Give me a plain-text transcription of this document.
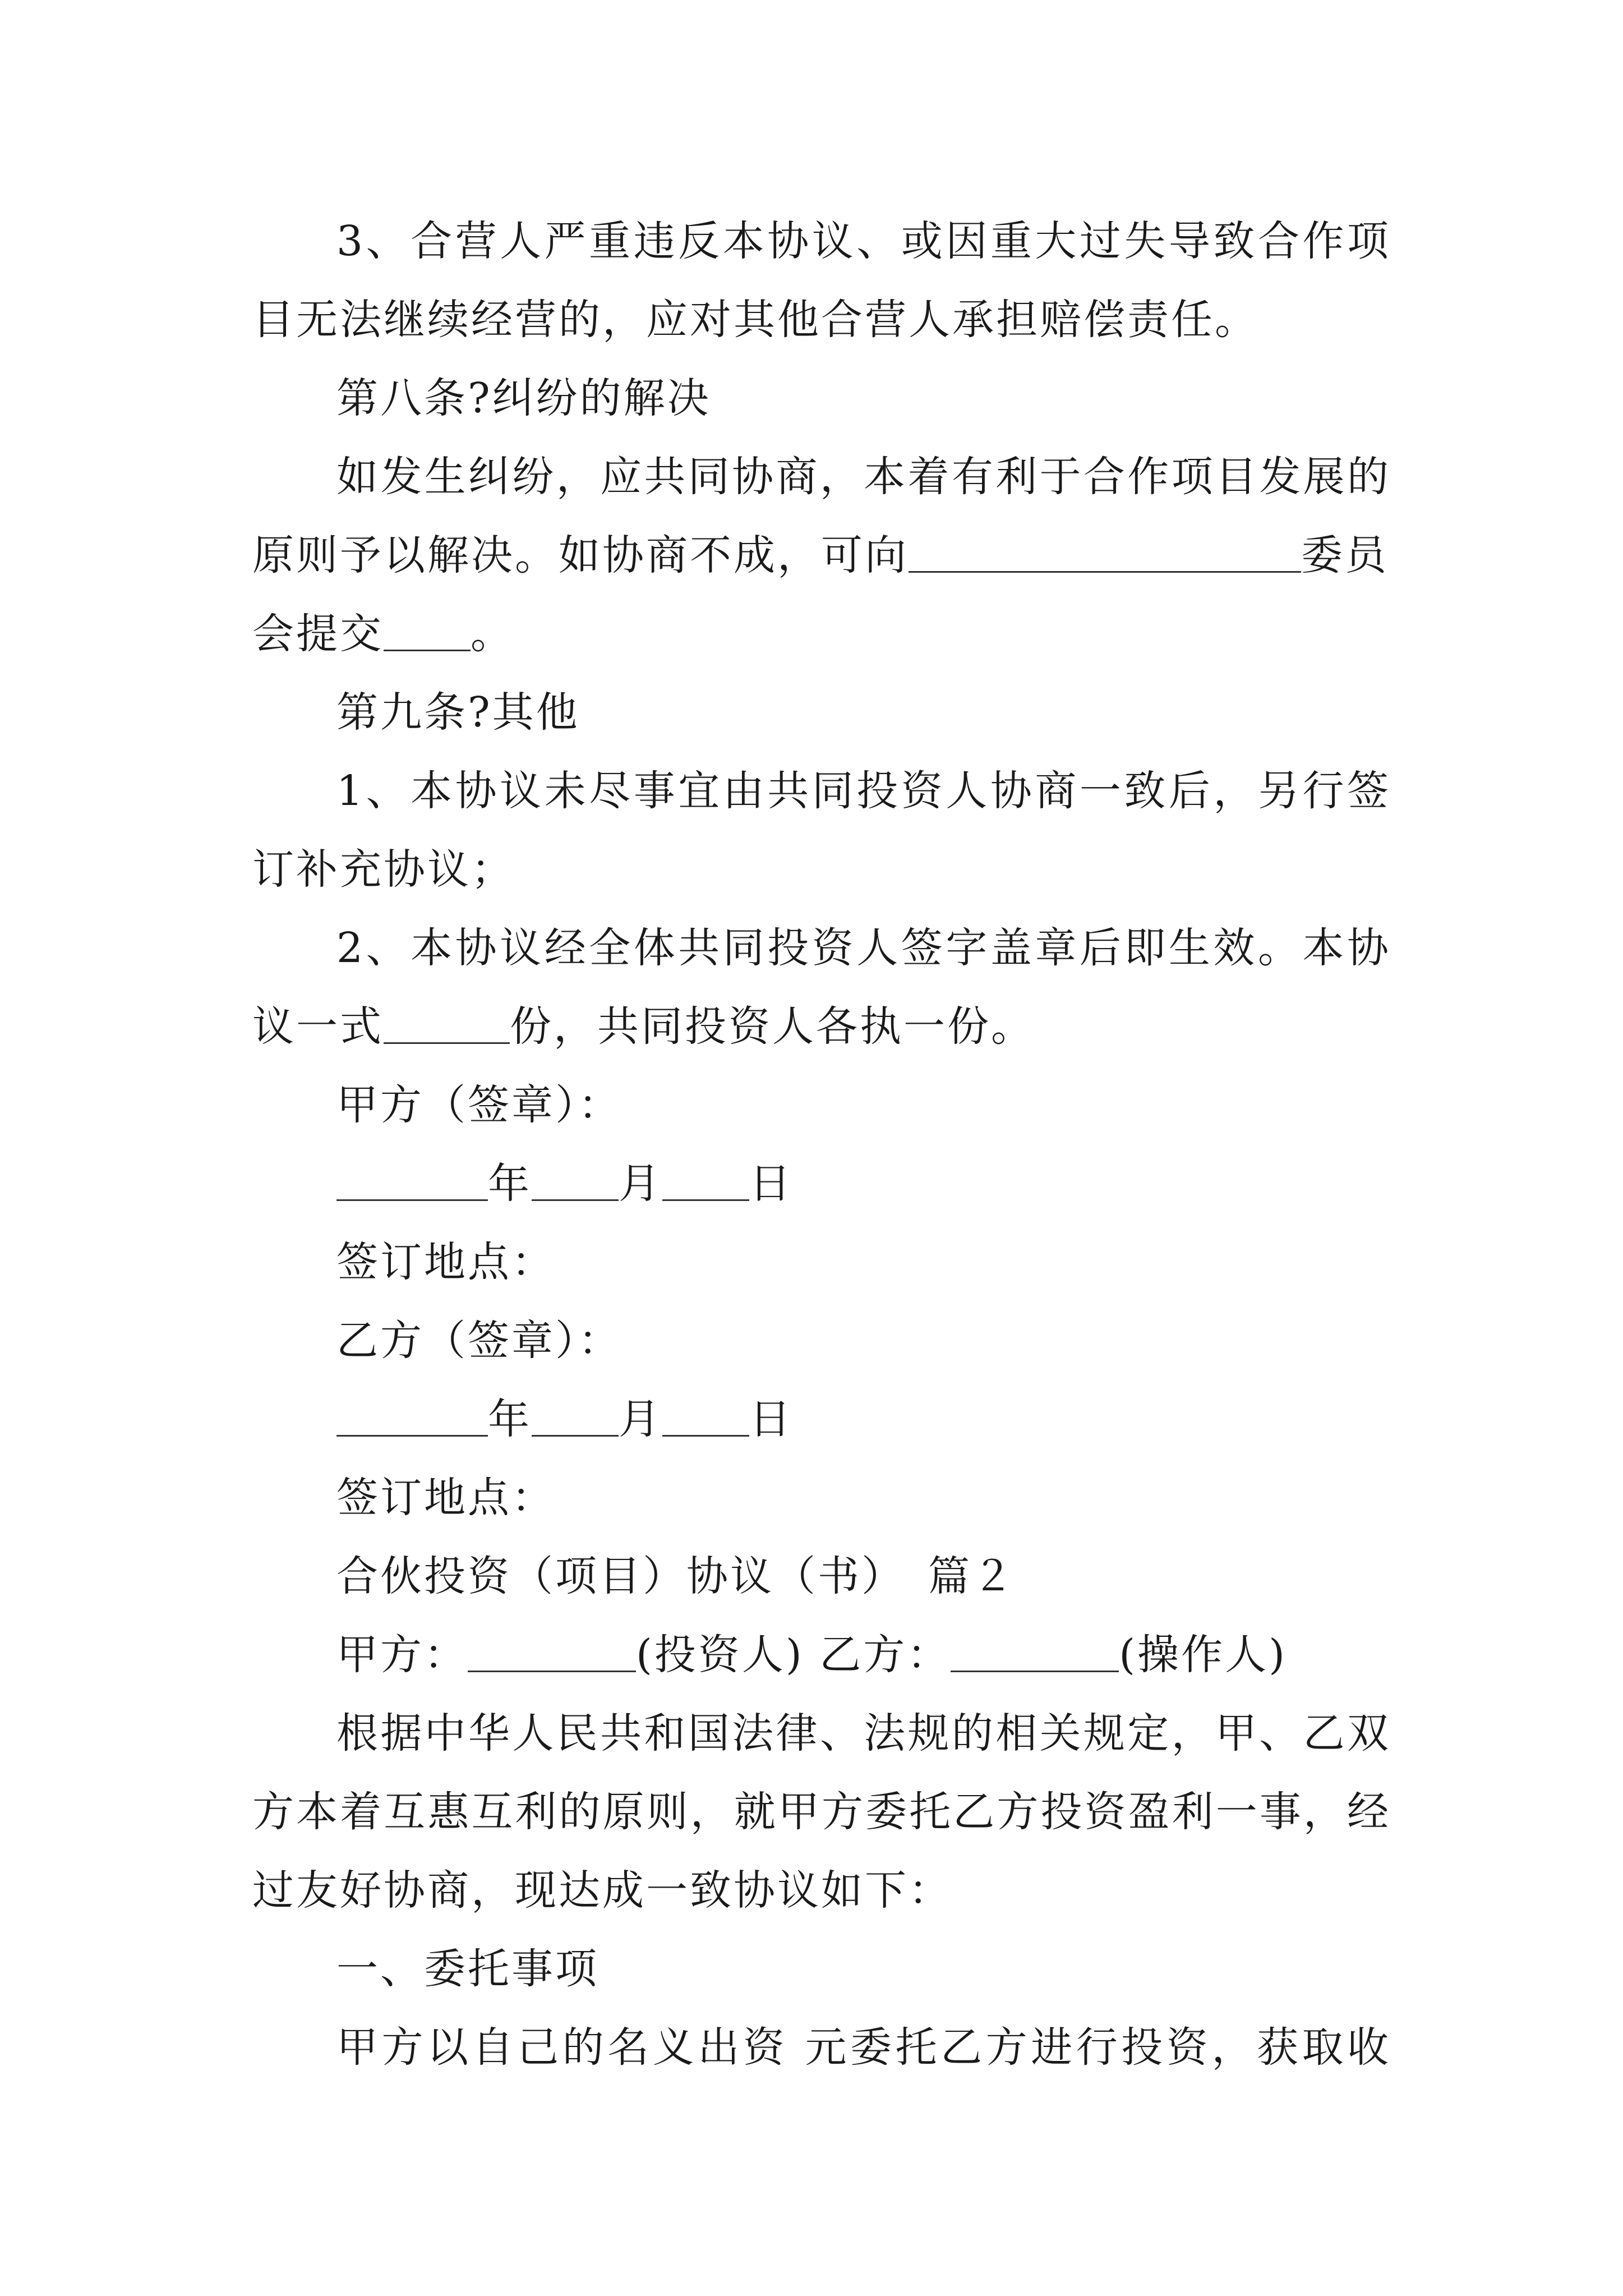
3、合营人严重违反本协议、或因重大过失导致合作项
目无法继续经营的，应对其他合营人承担赔偿责任。
第八条?纠纷的解决
如发生纠纷，应共同协商，本着有利于合作项目发展的
原则予以解决。如协商不成，可向	委员
会提交 。
第九条?其他
1、本协议未尽事宜由共同投资人协商一致后，另行签
订补充协议；
2、本协议经全体共同投资人签字盖章后即生效。本协
议一式	份，共同投资人各执一份。
甲方（签章）：
年 月 日
签订地点：
乙方（签章）：
年 月 日
签订地点：
合伙投资（项目）协议（书）　篇２
甲方：	(投资人) 乙方：	(操作人)
根据中华人民共和国法律、法规的相关规定，甲、乙双
方本着互惠互利的原则，就甲方委托乙方投资盈利一事，经
过友好协商，现达成一致协议如下：
一、委托事项
甲方以自己的名义出资 元委托乙方进行投资，获取收
